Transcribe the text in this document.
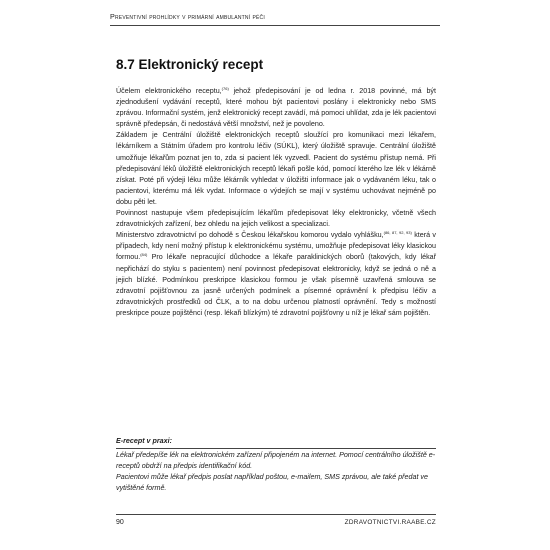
Preventivní prohlídky v primární ambulantní péči
8.7 Elektronický recept

Účelem elektronického receptu,$^{(76)}$ jehož předepisování je od ledna r. 2018 povinné, má být zjednodušení vydávání receptů, které mohou být pacientovi poslány i elektronicky nebo SMS zprávou. Informační systém, jenž elektronický recept zavádí, má pomoci uhlídat, zda je lék pacientovi správně předepsán, či nedostává větší množství, než je povoleno.

Základem je Centrální úložiště elektronických receptů sloužící pro komunikaci mezi lékařem, lékárníkem a Státním úřadem pro kontrolu léčiv (SÚKL), který úložiště spravuje. Centrální úložiště umožňuje lékařům poznat jen to, zda si pacient lék vyzvedl. Pacient do systému přístup nemá. Při předepisování léků úložiště elektronických receptů lékaři pošle kód, pomocí kterého lze lék v lékárně získat. Poté při výdeji léku může lékárník vyhledat v úložišti informace jak o vydávaném léku, tak o pacientovi, kterému má lék vydat. Informace o výdejích se mají v systému uchovávat nejméně po dobu pěti let.

Povinnost nastupuje všem předepisujícím lékařům předepisovat léky elektronicky, včetně všech zdravotnických zařízení, bez ohledu na jejich velikost a specializaci.

Ministerstvo zdravotnictví po dohodě s Českou lékařskou komorou vydalo vyhlášku,$^{(86, 87, 92, 93)}$ která v případech, kdy není možný přístup k elektronickému systému, umožňuje předepisovat léky klasickou formou.$^{(84)}$ Pro lékaře nepracující důchodce a lékaře paraklinických oborů (takových, kdy lékař nepřichází do styku s pacientem) není povinnost předepisovat elektronicky, když se jedná o ně a jejich blízké. Podmínkou preskripce klasickou formou je však písemně uzavřená smlouva se zdravotní pojišťovnou za jasně určených podmínek a písemné oprávnění k předpisu léčiv a zdravotnických prostředků od ČLK, a to na dobu určenou platností oprávnění. Tedy s možností preskripce pouze pojištěnci (resp. lékaři blízkým) té zdravotní pojišťovny u níž je lékař sám pojištěn.

E-recept v praxi:

Lékař předepíše lék na elektronickém zařízení připojeném na internet. Pomocí centrálního úložiště e-receptů obdrží na předpis identifikační kód.

Pacientovi může lékař předpis poslat například poštou, e-mailem, SMS zprávou, ale také předat ve vytištěné formě.

90	ZDRAVOTNICTVI.RAABE.CZ
